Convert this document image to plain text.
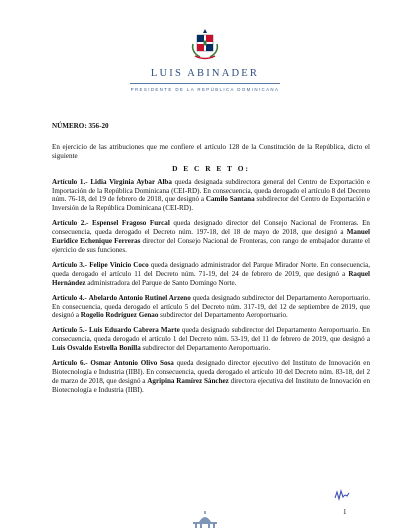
LUIS ABINADER
PRESIDENTE DE LA REPÚBLICA DOMINICANA

NÚMERO: 356-20

En ejercicio de las atribuciones que me confiere el artículo 128 de la Constitución de la República, dicto el siguiente

D E C R E T O:

Artículo 1.- Lidia Virginia Aybar Alba queda designada subdirectora general del Centro de Exportación e Importación de la República Dominicana (CEI-RD). En consecuencia, queda derogado el artículo 8 del Decreto núm. 76-18, del 19 de febrero de 2018, que designó a Camilo Santana subdirector del Centro de Exportación e Inversión de la República Dominicana (CEI-RD).

Artículo 2.- Espensel Fragoso Furcal queda designado director del Consejo Nacional de Fronteras. En consecuencia, queda derogado el Decreto núm. 197-18, del 18 de mayo de 2018, que designó a Manuel Euridice Echenique Ferreras director del Consejo Nacional de Fronteras, con rango de embajador durante el ejercicio de sus funciones.

Artículo 3.- Felipe Vinicio Coco queda designado administrador del Parque Mirador Norte. En consecuencia, queda derogado el artículo 11 del Decreto núm. 71-19, del 24 de febrero de 2019, que designó a Raquel Hernández administradora del Parque de Santo Domingo Norte.

Artículo 4.- Abelardo Antonio Rutinel Arzeno queda designado subdirector del Departamento Aeroportuario. En consecuencia, queda derogado el artículo 5 del Decreto núm. 317-19, del 12 de septiembre de 2019, que designó a Rogelio Rodríguez Genao subdirector del Departamento Aeroportuario.

Artículo 5.- Luis Eduardo Cabrera Marte queda designado subdirector del Departamento Aeroportuario. En consecuencia, queda derogado el artículo 1 del Decreto núm. 53-19, del 11 de febrero de 2019, que designó a Luis Osvaldo Estrella Bonilla subdirector del Departamento Aeroportuario.

Artículo 6.- Osmar Antonio Olivo Sosa queda designado director ejecutivo del Instituto de Innovación en Biotecnología e Industria (IIBI). En consecuencia, queda derogado el artículo 10 del Decreto núm. 83-18, del 2 de marzo de 2018, que designó a Agripina Ramírez Sánchez directora ejecutiva del Instituto de Innovación en Biotecnología e Industria (IIBI).

1
